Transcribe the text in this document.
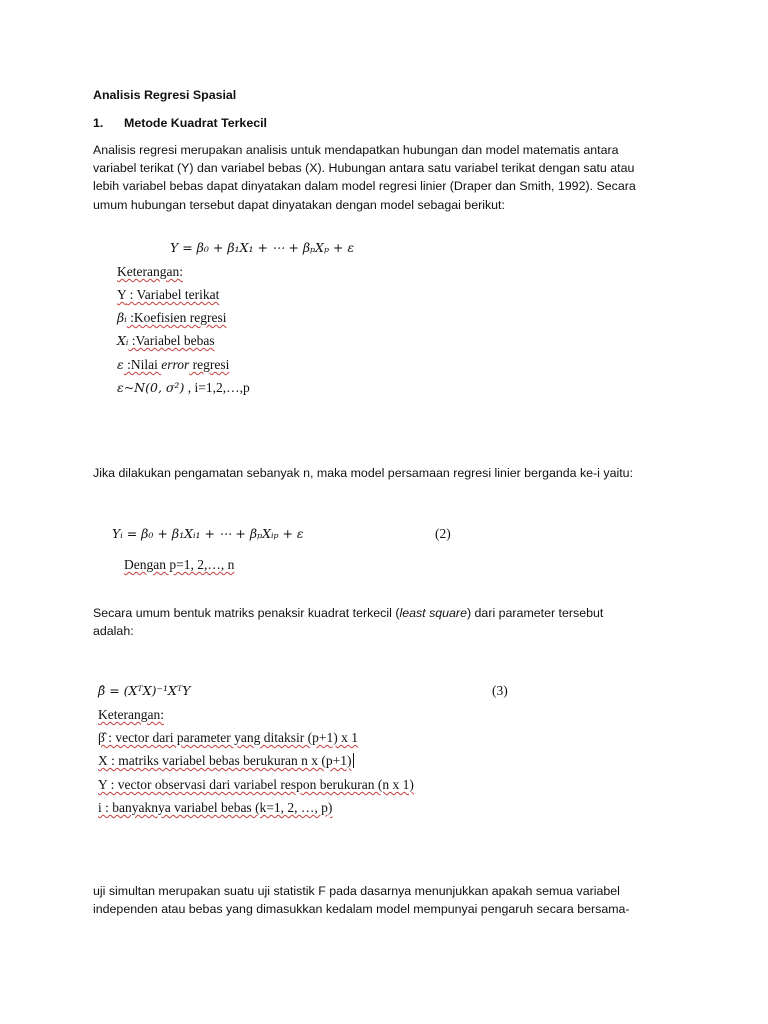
Analisis Regresi Spasial
1. Metode Kuadrat Terkecil

Analisis regresi merupakan analisis untuk mendapatkan hubungan dan model matematis antara

variabel terikat (Y) dan variabel bebas (X). Hubungan antara satu variabel terikat dengan satu atau

lebih variabel bebas dapat dinyatakan dalam model regresi linier (Draper dan Smith, 1992). Secara

umum hubungan tersebut dapat dinyatakan dengan model sebagai berikut:

Y = β₀ + β₁X₁ + ⋯ + βₚXₚ + ε
Keterangan:
Y : Variabel terikat
βᵢ :Koefisien regresi
Xᵢ :Variabel bebas
ε :Nilai error regresi
ε~N(0, σ²) , i=1,2,…,p
Jika dilakukan pengamatan sebanyak n, maka model persamaan regresi linier berganda ke-i yaitu:
Yᵢ = β₀ + β₁Xᵢ₁ + ⋯ + βₚXᵢₚ + ε	(2)
Dengan p=1, 2,…, n

Secara umum bentuk matriks penaksir kuadrat terkecil (least square) dari parameter tersebut

adalah:

β̂ = (XᵀX)⁻¹XᵀY	(3)
Keterangan:
β̂ : vector dari parameter yang ditaksir (p+1) x 1
X : matriks variabel bebas berukuran n x (p+1)
Y : vector observasi dari variabel respon berukuran (n x 1)
i : banyaknya variabel bebas (k=1, 2, …, p)

uji simultan merupakan suatu uji statistik F pada dasarnya menunjukkan apakah semua variabel

independen atau bebas yang dimasukkan kedalam model mempunyai pengaruh secara bersama-
